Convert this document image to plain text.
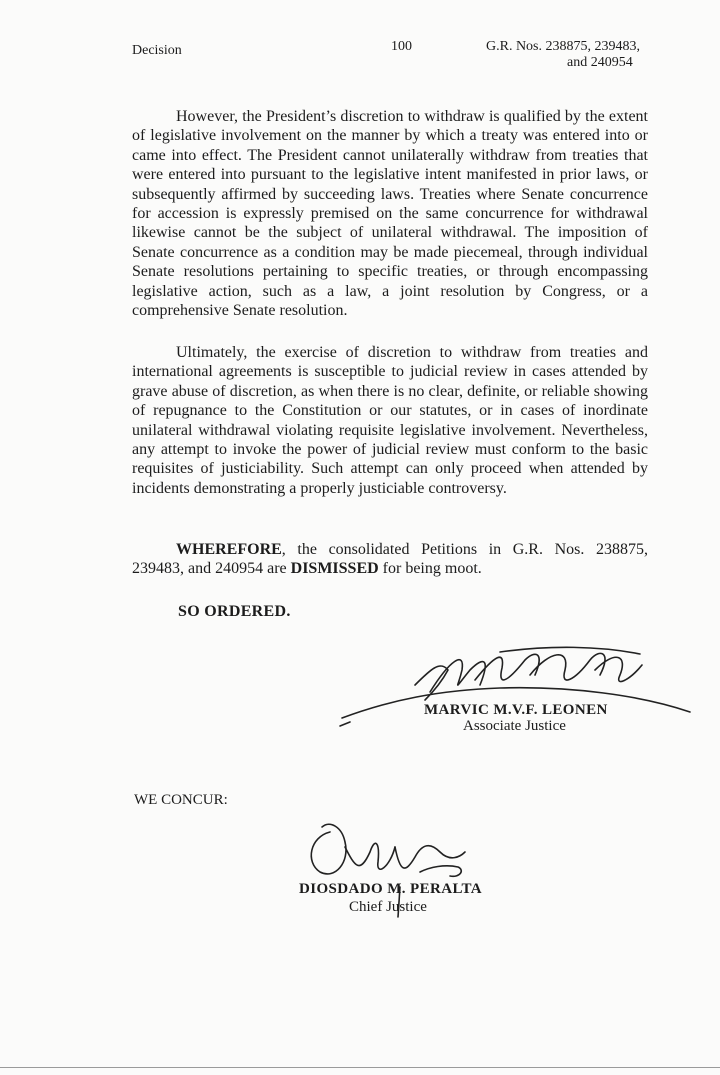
Decision	100	G.R. Nos. 238875, 239483,
and 240954
However, the President’s discretion to withdraw is qualified by the extent of legislative involvement on the manner by which a treaty was entered into or came into effect. The President cannot unilaterally withdraw from treaties that were entered into pursuant to the legislative intent manifested in prior laws, or subsequently affirmed by succeeding laws. Treaties where Senate concurrence for accession is expressly premised on the same concurrence for withdrawal likewise cannot be the subject of unilateral withdrawal. The imposition of Senate concurrence as a condition may be made piecemeal, through individual Senate resolutions pertaining to specific treaties, or through encompassing legislative action, such as a law, a joint resolution by Congress, or a comprehensive Senate resolution.
Ultimately, the exercise of discretion to withdraw from treaties and international agreements is susceptible to judicial review in cases attended by grave abuse of discretion, as when there is no clear, definite, or reliable showing of repugnance to the Constitution or our statutes, or in cases of inordinate unilateral withdrawal violating requisite legislative involvement. Nevertheless, any attempt to invoke the power of judicial review must conform to the basic requisites of justiciability. Such attempt can only proceed when attended by incidents demonstrating a properly justiciable controversy.
WHEREFORE, the consolidated Petitions in G.R. Nos. 238875, 239483, and 240954 are DISMISSED for being moot.
SO ORDERED.
MARVIC M.V.F. LEONEN
Associate Justice
WE CONCUR:
DIOSDADO M. PERALTA
Chief Justice
